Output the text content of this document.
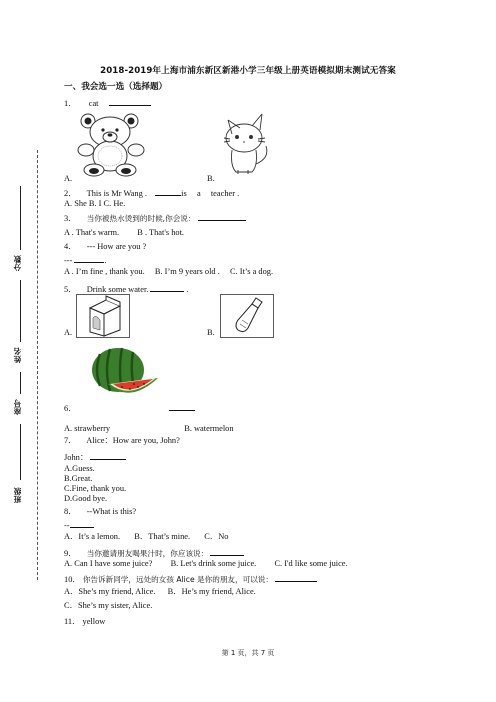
分数
姓名
座号
班级
2018-2019年上海市浦东新区新港小学三年级上册英语模拟期末测试无答案
一、我会选一选（选择题）
1． cat
A.	B.
2． This is Mr Wang .	is a teacher .
A. She B. I C. He.
3． 当你被热水烫到的时候,你会说：
A . That's warm. B . That's hot.
4． --- How are you ?
---	.
A . I’m fine , thank you. B. I’m 9 years old . C. It’s a dog.
5． Drink some water.	.
A.	B.
6．
A. strawberry	B. watermelon
7． Alice：How are you, John?
John：
A.Guess.
B.Great.
C.Fine, thank you.
D.Good bye.
8． --What is this?
--
A．It’s a lemon. B．That’s mine. C．No
9． 当你邀请朋友喝果汁时，你应该说：
A. Can I have some juice? B. Let's drink some juice. C. I'd like some juice.
10． 你告诉新同学，远处的女孩 Alice 是你的朋友，可以说：
A．She’s my friend, Alice. B．He’s my friend, Alice.
C．She’s my sister, Alice.
11． yellow
第 1 页，共 7 页
